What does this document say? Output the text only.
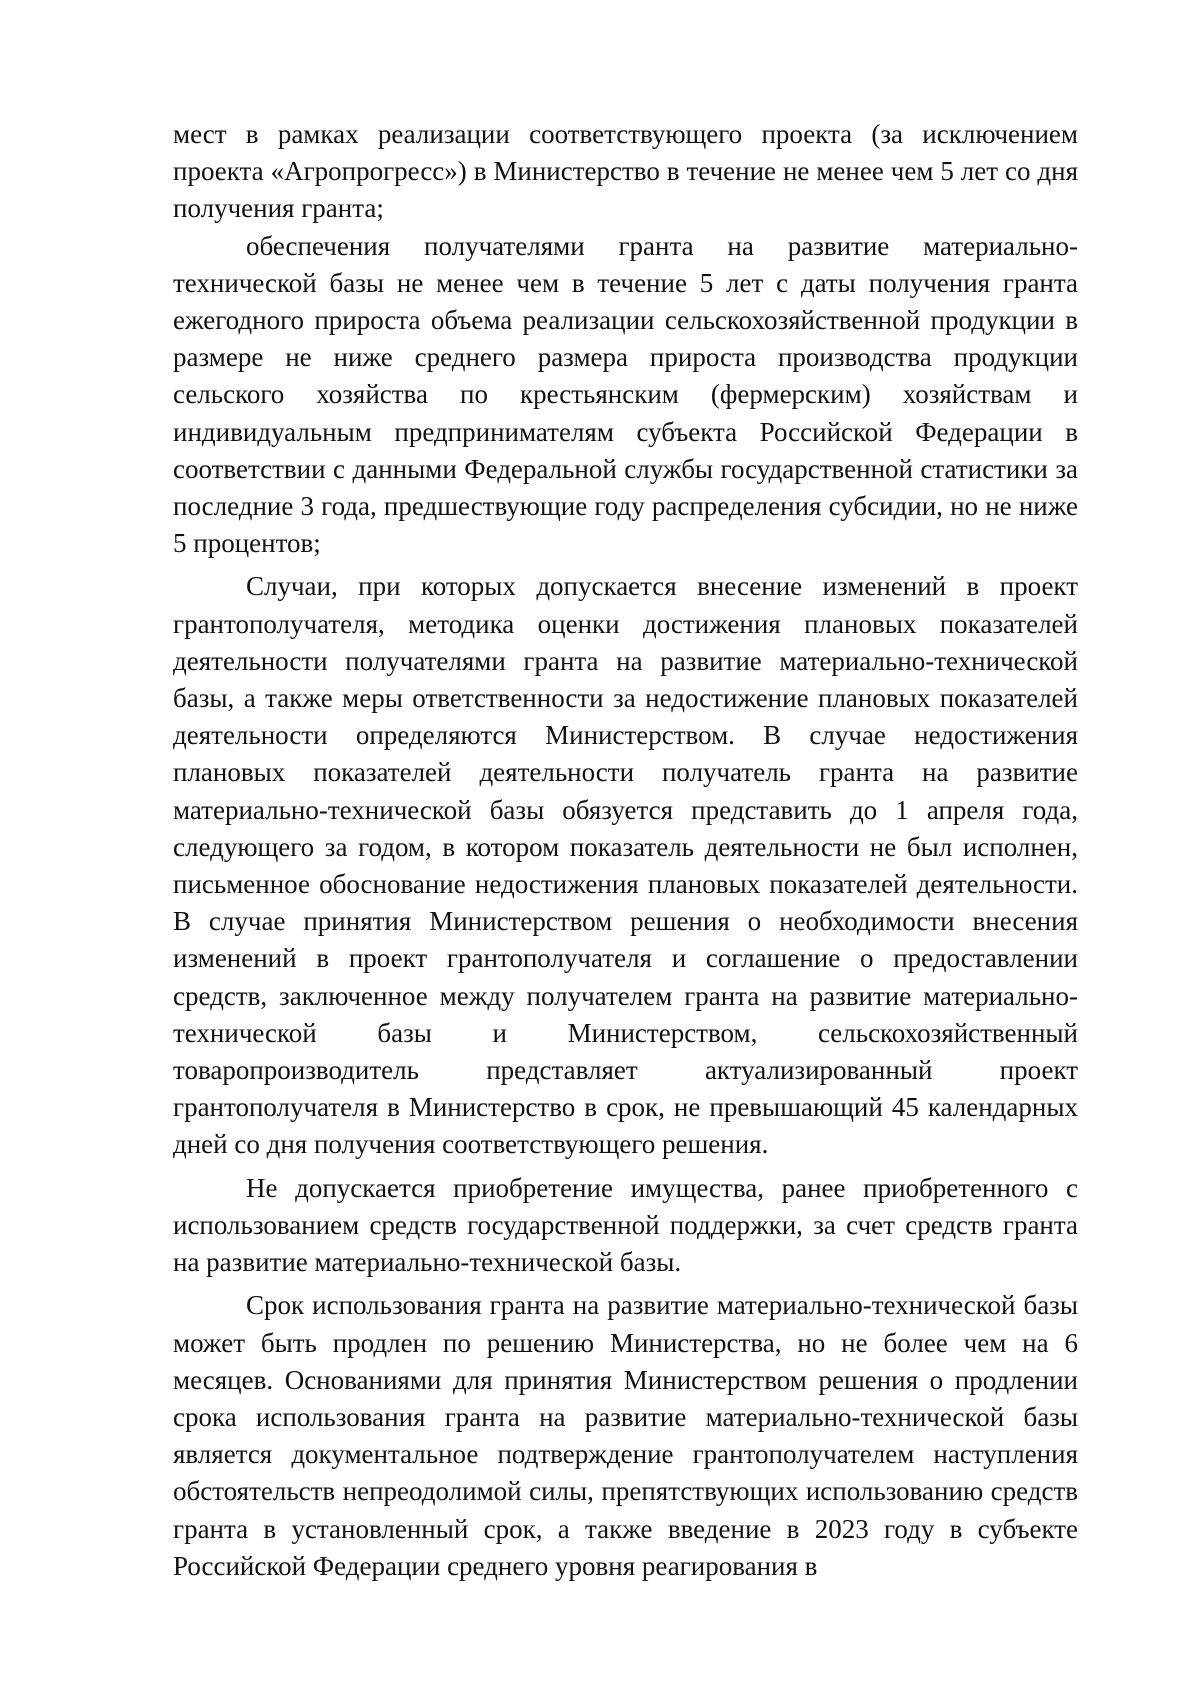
мест в рамках реализации соответствующего проекта (за исключением проекта «Агропрогресс») в Министерство в течение не менее чем 5 лет со дня получения гранта;

обеспечения получателями гранта на развитие материально-технической базы не менее чем в течение 5 лет с даты получения гранта ежегодного прироста объема реализации сельскохозяйственной продукции в размере не ниже среднего размера прироста производства продукции сельского хозяйства по крестьянским (фермерским) хозяйствам и индивидуальным предпринимателям субъекта Российской Федерации в соответствии с данными Федеральной службы государственной статистики за последние 3 года, предшествующие году распределения субсидии, но не ниже 5 процентов;

Случаи, при которых допускается внесение изменений в проект грантополучателя, методика оценки достижения плановых показателей деятельности получателями гранта на развитие материально-технической базы, а также меры ответственности за недостижение плановых показателей деятельности определяются Министерством. В случае недостижения плановых показателей деятельности получатель гранта на развитие материально-технической базы обязуется представить до 1 апреля года, следующего за годом, в котором показатель деятельности не был исполнен, письменное обоснование недостижения плановых показателей деятельности. В случае принятия Министерством решения о необходимости внесения изменений в проект грантополучателя и соглашение о предоставлении средств, заключенное между получателем гранта на развитие материально-технической базы и Министерством, сельскохозяйственный товаропроизводитель представляет актуализированный проект грантополучателя в Министерство в срок, не превышающий 45 календарных дней со дня получения соответствующего решения.

Не допускается приобретение имущества, ранее приобретенного с использованием средств государственной поддержки, за счет средств гранта на развитие материально-технической базы.

Срок использования гранта на развитие материально-технической базы может быть продлен по решению Министерства, но не более чем на 6 месяцев. Основаниями для принятия Министерством решения о продлении срока использования гранта на развитие материально-технической базы является документальное подтверждение грантополучателем наступления обстоятельств непреодолимой силы, препятствующих использованию средств гранта в установленный срок, а также введение в 2023 году в субъекте Российской Федерации среднего уровня реагирования в
